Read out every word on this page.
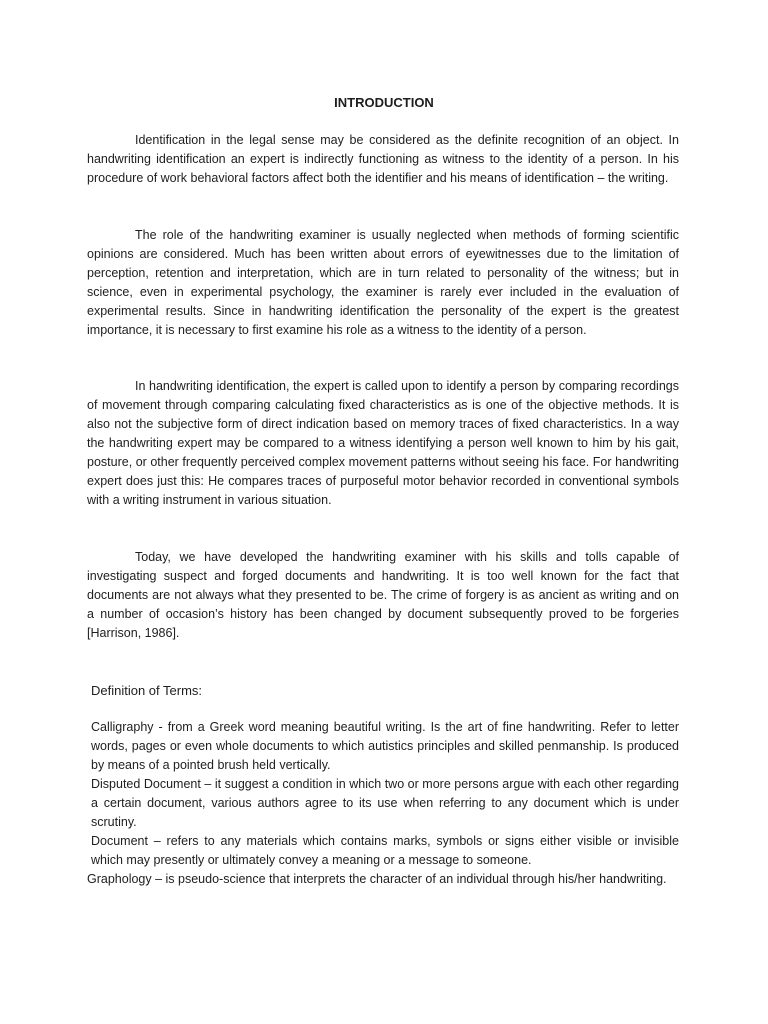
INTRODUCTION

Identification in the legal sense may be considered as the definite recognition of an object. In handwriting identification an expert is indirectly functioning as witness to the identity of a person. In his procedure of work behavioral factors affect both the identifier and his means of identification – the writing.

The role of the handwriting examiner is usually neglected when methods of forming scientific opinions are considered. Much has been written about errors of eyewitnesses due to the limitation of perception, retention and interpretation, which are in turn related to personality of the witness; but in science, even in experimental psychology, the examiner is rarely ever included in the evaluation of experimental results. Since in handwriting identification the personality of the expert is the greatest importance, it is necessary to first examine his role as a witness to the identity of a person.

In handwriting identification, the expert is called upon to identify a person by comparing recordings of movement through comparing calculating fixed characteristics as is one of the objective methods. It is also not the subjective form of direct indication based on memory traces of fixed characteristics. In a way the handwriting expert may be compared to a witness identifying a person well known to him by his gait, posture, or other frequently perceived complex movement patterns without seeing his face. For handwriting expert does just this: He compares traces of purposeful motor behavior recorded in conventional symbols with a writing instrument in various situation.

Today, we have developed the handwriting examiner with his skills and tolls capable of investigating suspect and forged documents and handwriting. It is too well known for the fact that documents are not always what they presented to be. The crime of forgery is as ancient as writing and on a number of occasion’s history has been changed by document subsequently proved to be forgeries [Harrison, 1986].

Definition of Terms:

Calligraphy - from a Greek word meaning beautiful writing. Is the art of fine handwriting. Refer to letter words, pages or even whole documents to which autistics principles and skilled penmanship. Is produced by means of a pointed brush held vertically.

Disputed Document – it suggest a condition in which two or more persons argue with each other regarding a certain document, various authors agree to its use when referring to any document which is under scrutiny.

Document – refers to any materials which contains marks, symbols or signs either visible or invisible which may presently or ultimately convey a meaning or a message to someone.

Graphology – is pseudo-science that interprets the character of an individual through his/her handwriting.
